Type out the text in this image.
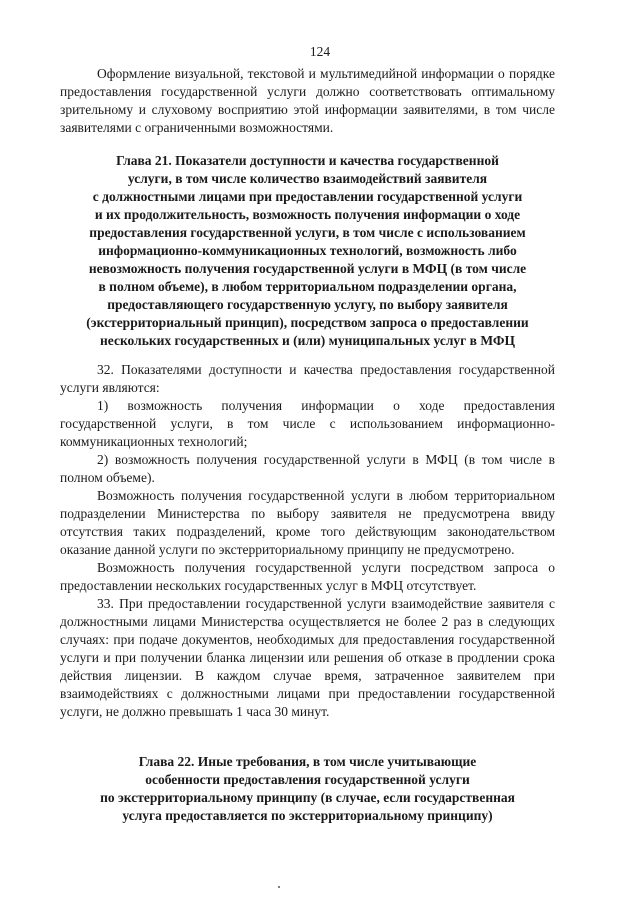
124

Оформление визуальной, текстовой и мультимедийной информации о порядке предоставления государственной услуги должно соответствовать оптимальному зрительному и слуховому восприятию этой информации заявителями, в том числе заявителями с ограниченными возможностями.

Глава 21. Показатели доступности и качества государственной
услуги, в том числе количество взаимодействий заявителя
с должностными лицами при предоставлении государственной услуги
и их продолжительность, возможность получения информации о ходе
предоставления государственной услуги, в том числе с использованием
информационно-коммуникационных технологий, возможность либо
невозможность получения государственной услуги в МФЦ (в том числе
в полном объеме), в любом территориальном подразделении органа,
предоставляющего государственную услугу, по выбору заявителя
(экстерриториальный принцип), посредством запроса о предоставлении
нескольких государственных и (или) муниципальных услуг в МФЦ

32. Показателями доступности и качества предоставления государственной услуги являются:

1) возможность получения информации о ходе предоставления государственной услуги, в том числе с использованием информационно-коммуникационных технологий;

2) возможность получения государственной услуги в МФЦ (в том числе в полном объеме).

Возможность получения государственной услуги в любом территориальном подразделении Министерства по выбору заявителя не предусмотрена ввиду отсутствия таких подразделений, кроме того действующим законодательством оказание данной услуги по экстерриториальному принципу не предусмотрено.

Возможность получения государственной услуги посредством запроса о предоставлении нескольких государственных услуг в МФЦ отсутствует.

33. При предоставлении государственной услуги взаимодействие заявителя с должностными лицами Министерства осуществляется не более 2 раз в следующих случаях: при подаче документов, необходимых для предоставления государственной услуги и при получении бланка лицензии или решения об отказе в продлении срока действия лицензии. В каждом случае время, затраченное заявителем при взаимодействиях с должностными лицами при предоставлении государственной услуги, не должно превышать 1 часа 30 минут.

Глава 22. Иные требования, в том числе учитывающие
особенности предоставления государственной услуги
по экстерриториальному принципу (в случае, если государственная
услуга предоставляется по экстерриториальному принципу)
